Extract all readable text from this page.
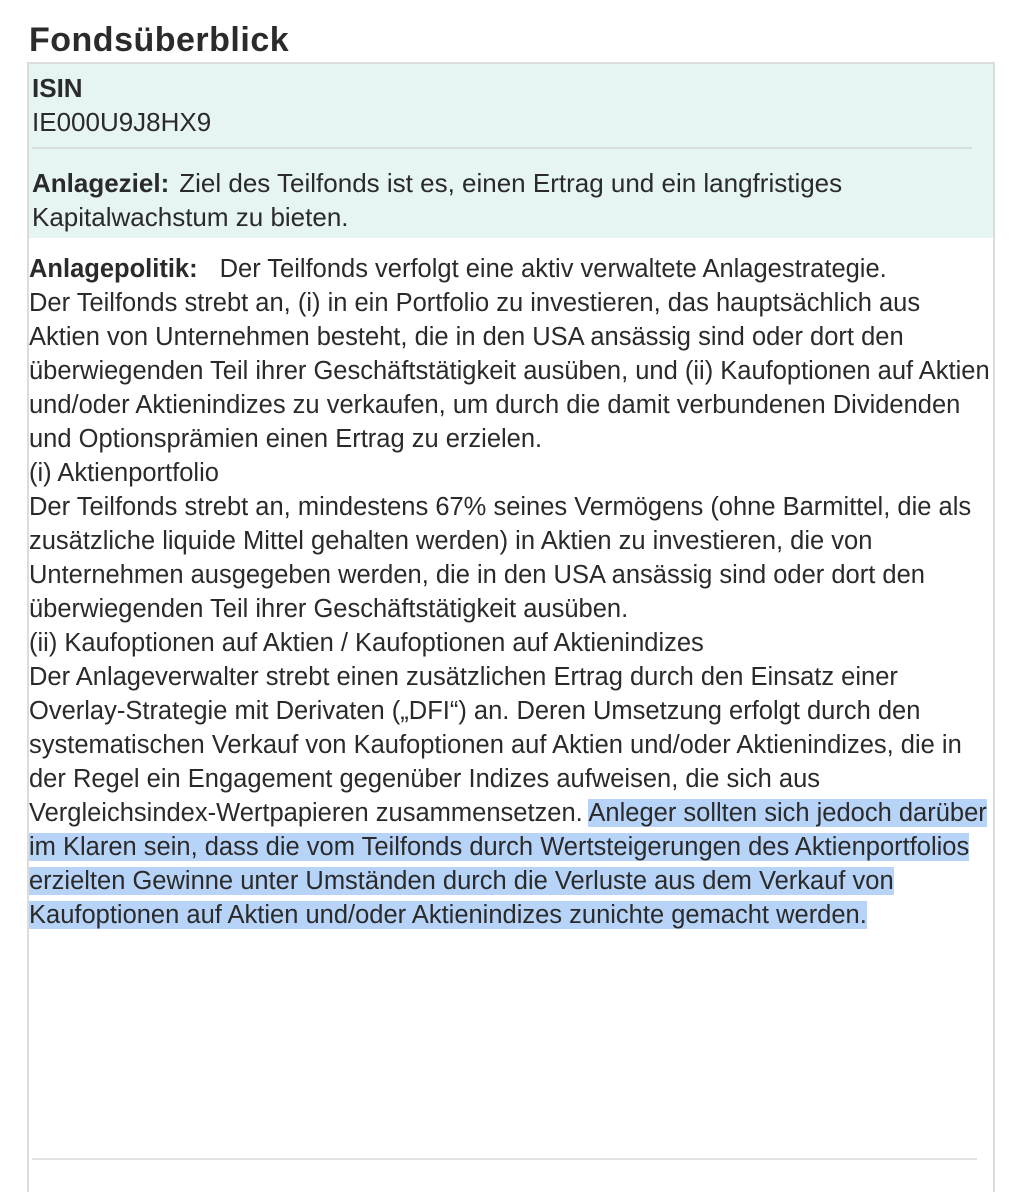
Fondsüberblick
ISIN
IE000U9J8HX9
Anlageziel: Ziel des Teilfonds ist es, einen Ertrag und ein langfristiges Kapitalwachstum zu bieten.

Anlagepolitik: Der Teilfonds verfolgt eine aktiv verwaltete Anlagestrategie.

Der Teilfonds strebt an, (i) in ein Portfolio zu investieren, das hauptsächlich aus Aktien von Unternehmen besteht, die in den USA ansässig sind oder dort den überwiegenden Teil ihrer Geschäftstätigkeit ausüben, und (ii) Kaufoptionen auf Aktien und/oder Aktienindizes zu verkaufen, um durch die damit verbundenen Dividenden und Optionsprämien einen Ertrag zu erzielen.

(i) Aktienportfolio

Der Teilfonds strebt an, mindestens 67% seines Vermögens (ohne Barmittel, die als zusätzliche liquide Mittel gehalten werden) in Aktien zu investieren, die von Unternehmen ausgegeben werden, die in den USA ansässig sind oder dort den überwiegenden Teil ihrer Geschäftstätigkeit ausüben.

(ii) Kaufoptionen auf Aktien / Kaufoptionen auf Aktienindizes

Der Anlageverwalter strebt einen zusätzlichen Ertrag durch den Einsatz einer Overlay-Strategie mit Derivaten („DFI“) an. Deren Umsetzung erfolgt durch den systematischen Verkauf von Kaufoptionen auf Aktien und/oder Aktienindizes, die in der Regel ein Engagement gegenüber Indizes aufweisen, die sich aus Vergleichsindex-Wertpapieren zusammensetzen. Anleger sollten sich jedoch darüber im Klaren sein, dass die vom Teilfonds durch Wertsteigerungen des Aktienportfolios erzielten Gewinne unter Umständen durch die Verluste aus dem Verkauf von Kaufoptionen auf Aktien und/oder Aktienindizes zunichte gemacht werden.
